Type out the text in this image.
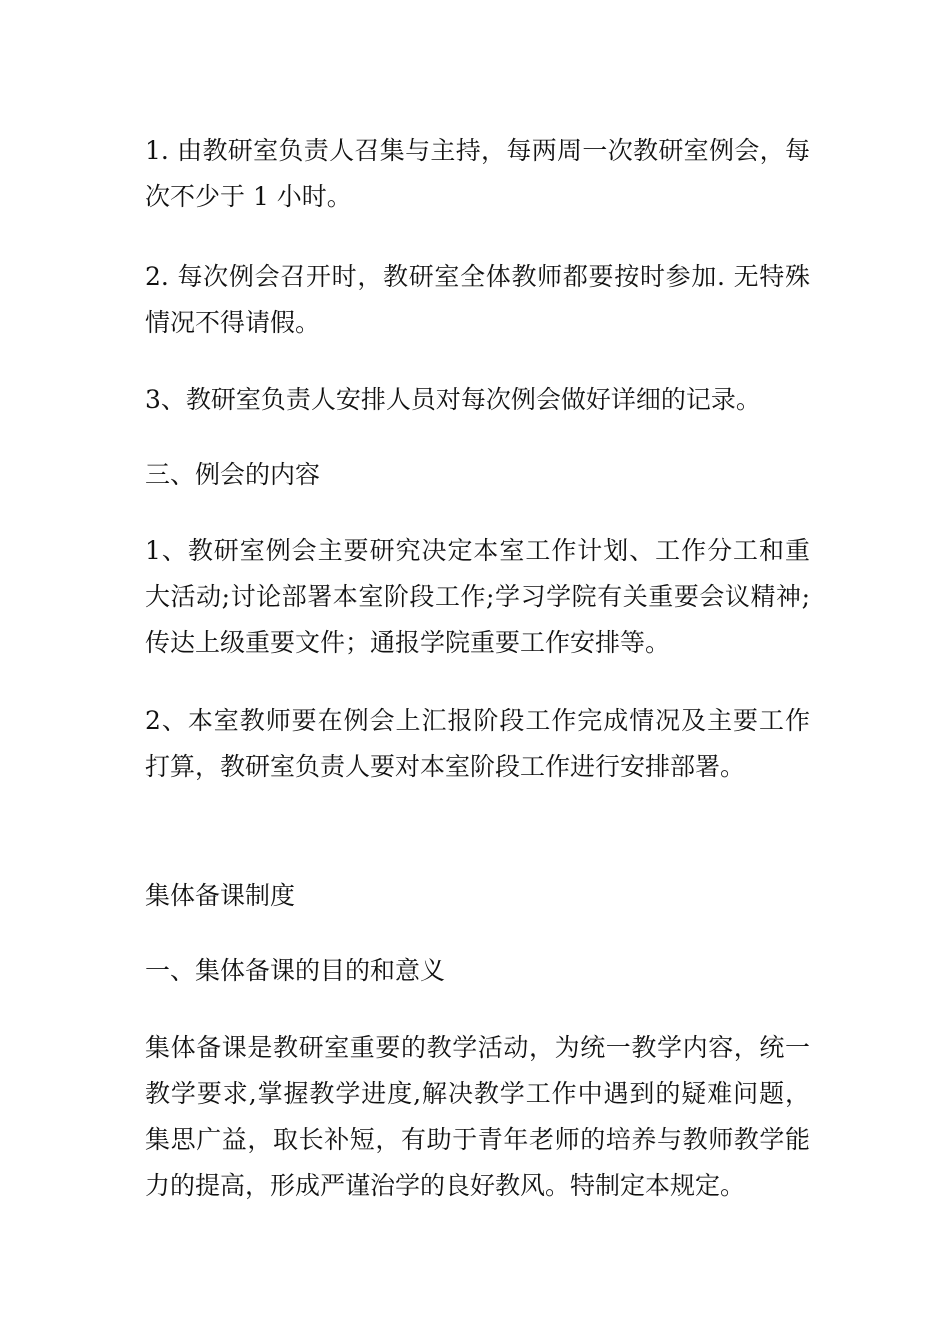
1. 由教研室负责人召集与主持，每两周一次教研室例会，每次不少于 1 小时。

2. 每次例会召开时，教研室全体教师都要按时参加. 无特殊情况不得请假。

3、教研室负责人安排人员对每次例会做好详细的记录。

三、例会的内容

1、教研室例会主要研究决定本室工作计划、工作分工和重大活动;讨论部署本室阶段工作;学习学院有关重要会议精神;传达上级重要文件；通报学院重要工作安排等。

2、本室教师要在例会上汇报阶段工作完成情况及主要工作打算，教研室负责人要对本室阶段工作进行安排部署。

集体备课制度

一、集体备课的目的和意义

集体备课是教研室重要的教学活动，为统一教学内容，统一教学要求,掌握教学进度,解决教学工作中遇到的疑难问题，集思广益，取长补短，有助于青年老师的培养与教师教学能力的提高，形成严谨治学的良好教风。特制定本规定。
